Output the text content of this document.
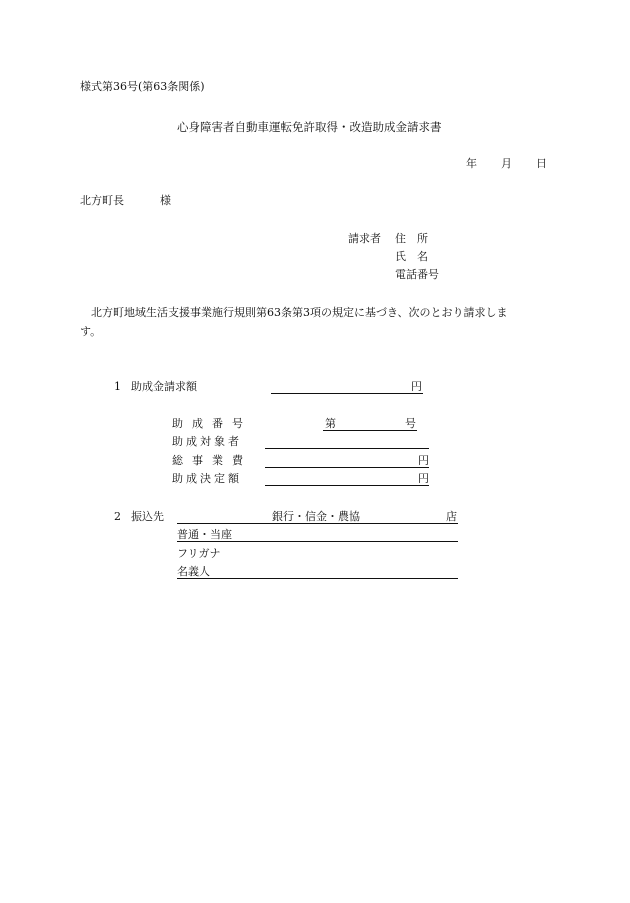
様式第36号(第63条関係)
心身障害者自動車運転免許取得・改造助成金請求書
年 月 日
北方町長	様
請求者 住　所
氏　名
電話番号
北方町地域生活支援事業施行規則第63条第3項の規定に基づき、次のとおり請求しま
す。
1 助成金請求額	円
助成番号	第	号
助成対象者
総事業費	円
助成決定額	円
2 振込先	銀行・信金・農協	店
普通・当座
フリガナ
名義人
